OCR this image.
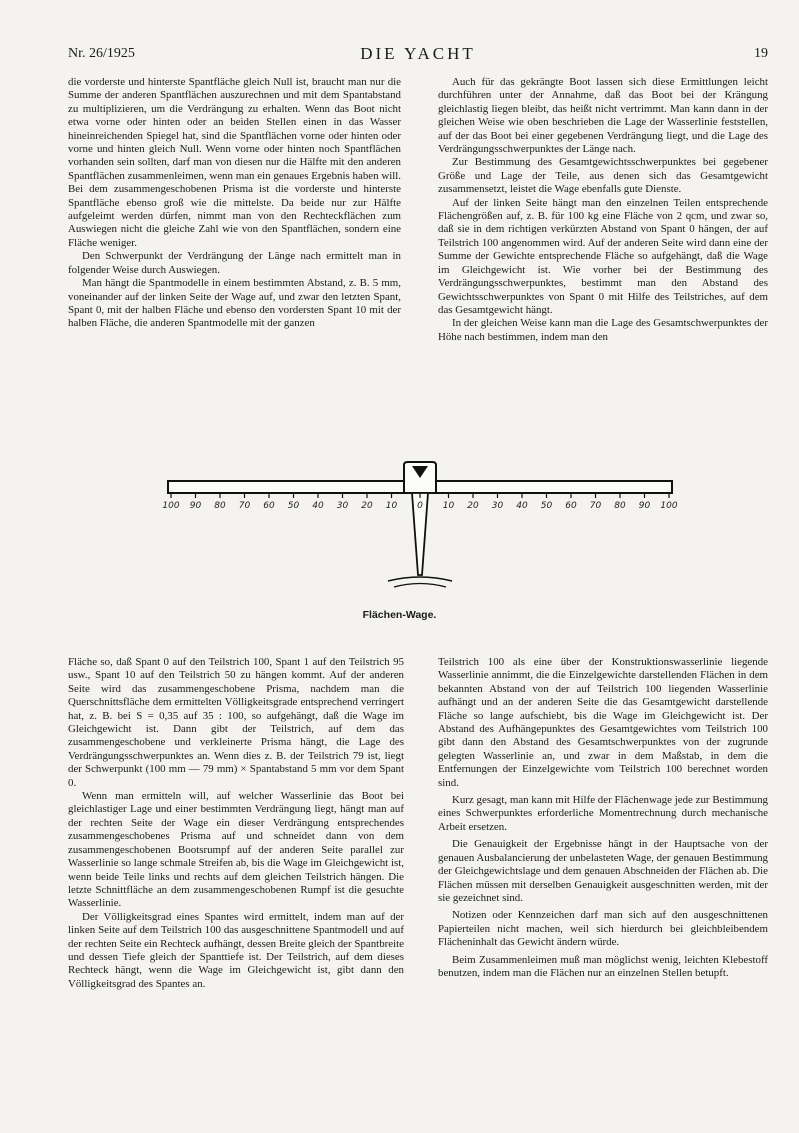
Nr. 26/1925	DIE YACHT	19

die vorderste und hinterste Spantfläche gleich Null ist, braucht man nur die Summe der anderen Spantflächen auszurechnen und mit dem Spantabstand zu multiplizieren, um die Verdrängung zu erhalten. Wenn das Boot nicht etwa vorne oder hinten oder an beiden Stellen einen in das Wasser hineinreichenden Spiegel hat, sind die Spantflächen vorne oder hinten oder vorne und hinten gleich Null. Wenn vorne oder hinten noch Spantflächen vorhanden sein sollten, darf man von diesen nur die Hälfte mit den anderen Spantflächen zusammenleimen, wenn man ein genaues Ergebnis haben will. Bei dem zusammengeschobenen Prisma ist die vorderste und hinterste Spantfläche ebenso groß wie die mittelste. Da beide nur zur Hälfte aufgeleimt werden dürfen, nimmt man von den Rechteckflächen zum Auswiegen nicht die gleiche Zahl wie von den Spantflächen, sondern eine Fläche weniger.

Den Schwerpunkt der Verdrängung der Länge nach ermittelt man in folgender Weise durch Auswiegen.

Man hängt die Spantmodelle in einem bestimmten Abstand, z. B. 5 mm, voneinander auf der linken Seite der Wage auf, und zwar den letzten Spant, Spant 0, mit der halben Fläche und ebenso den vordersten Spant 10 mit der halben Fläche, die anderen Spantmodelle mit der ganzen

Auch für das gekrängte Boot lassen sich diese Ermittlungen leicht durchführen unter der Annahme, daß das Boot bei der Krängung gleichlastig liegen bleibt, das heißt nicht vertrimmt. Man kann dann in der gleichen Weise wie oben beschrieben die Lage der Wasserlinie feststellen, auf der das Boot bei einer gegebenen Verdrängung liegt, und die Lage des Verdrängungsschwerpunktes der Länge nach.

Zur Bestimmung des Gesamtgewichtsschwerpunktes bei gegebener Größe und Lage der Teile, aus denen sich das Gesamtgewicht zusammensetzt, leistet die Wage ebenfalls gute Dienste.

Auf der linken Seite hängt man den einzelnen Teilen entsprechende Flächengrößen auf, z. B. für 100 kg eine Fläche von 2 qcm, und zwar so, daß sie in dem richtigen verkürzten Abstand von Spant 0 hängen, der auf Teilstrich 100 angenommen wird. Auf der anderen Seite wird dann eine der Summe der Gewichte entsprechende Fläche so aufgehängt, daß die Wage im Gleichgewicht ist. Wie vorher bei der Bestimmung des Verdrängungsschwerpunktes, bestimmt man den Abstand des Gewichtsschwerpunktes von Spant 0 mit Hilfe des Teilstriches, auf dem das Gesamtgewicht hängt.

In der gleichen Weise kann man die Lage des Gesamtschwerpunktes der Höhe nach bestimmen, indem man den

100 90 80 70 60 50 40 30 20 10 0 10 20 30 40 50 60 70 80 90 100
Flächen-Wage.

Fläche so, daß Spant 0 auf den Teilstrich 100, Spant 1 auf den Teilstrich 95 usw., Spant 10 auf den Teilstrich 50 zu hängen kommt. Auf der anderen Seite wird das zusammengeschobene Prisma, nachdem man die Querschnittsfläche dem ermittelten Völligkeitsgrade entsprechend verringert hat, z. B. bei S = 0,35 auf 35 : 100, so aufgehängt, daß die Wage im Gleichgewicht ist. Dann gibt der Teilstrich, auf dem das zusammengeschobene und verkleinerte Prisma hängt, die Lage des Verdrängungsschwerpunktes an. Wenn dies z. B. der Teilstrich 79 ist, liegt der Schwerpunkt (100 mm — 79 mm) × Spantabstand 5 mm vor dem Spant 0.

Wenn man ermitteln will, auf welcher Wasserlinie das Boot bei gleichlastiger Lage und einer bestimmten Verdrängung liegt, hängt man auf der rechten Seite der Wage ein dieser Verdrängung entsprechendes zusammengeschobenes Prisma auf und schneidet dann von dem zusammengeschobenen Bootsrumpf auf der anderen Seite parallel zur Wasserlinie so lange schmale Streifen ab, bis die Wage im Gleichgewicht ist, wenn beide Teile links und rechts auf dem gleichen Teilstrich hängen. Die letzte Schnittfläche an dem zusammengeschobenen Rumpf ist die gesuchte Wasserlinie.

Der Völligkeitsgrad eines Spantes wird ermittelt, indem man auf der linken Seite auf dem Teilstrich 100 das ausgeschnittene Spantmodell und auf der rechten Seite ein Rechteck aufhängt, dessen Breite gleich der Spantbreite und dessen Tiefe gleich der Spanttiefe ist. Der Teilstrich, auf dem dieses Rechteck hängt, wenn die Wage im Gleichgewicht ist, gibt dann den Völligkeitsgrad des Spantes an.

Teilstrich 100 als eine über der Konstruktionswasserlinie liegende Wasserlinie annimmt, die die Einzelgewichte darstellenden Flächen in dem bekannten Abstand von der auf Teilstrich 100 liegenden Wasserlinie aufhängt und an der anderen Seite die das Gesamtgewicht darstellende Fläche so lange aufschiebt, bis die Wage im Gleichgewicht ist. Der Abstand des Aufhängepunktes des Gesamtgewichtes vom Teilstrich 100 gibt dann den Abstand des Gesamtschwerpunktes von der zugrunde gelegten Wasserlinie an, und zwar in dem Maßstab, in dem die Entfernungen der Einzelgewichte vom Teilstrich 100 berechnet worden sind.

Kurz gesagt, man kann mit Hilfe der Flächenwage jede zur Bestimmung eines Schwerpunktes erforderliche Momentrechnung durch mechanische Arbeit ersetzen.

Die Genauigkeit der Ergebnisse hängt in der Hauptsache von der genauen Ausbalancierung der unbelasteten Wage, der genauen Bestimmung der Gleichgewichtslage und dem genauen Abschneiden der Flächen ab. Die Flächen müssen mit derselben Genauigkeit ausgeschnitten werden, mit der sie gezeichnet sind.

Notizen oder Kennzeichen darf man sich auf den ausgeschnittenen Papierteilen nicht machen, weil sich hierdurch bei gleichbleibendem Flächeninhalt das Gewicht ändern würde.

Beim Zusammenleimen muß man möglichst wenig, leichten Klebestoff benutzen, indem man die Flächen nur an einzelnen Stellen betupft.
